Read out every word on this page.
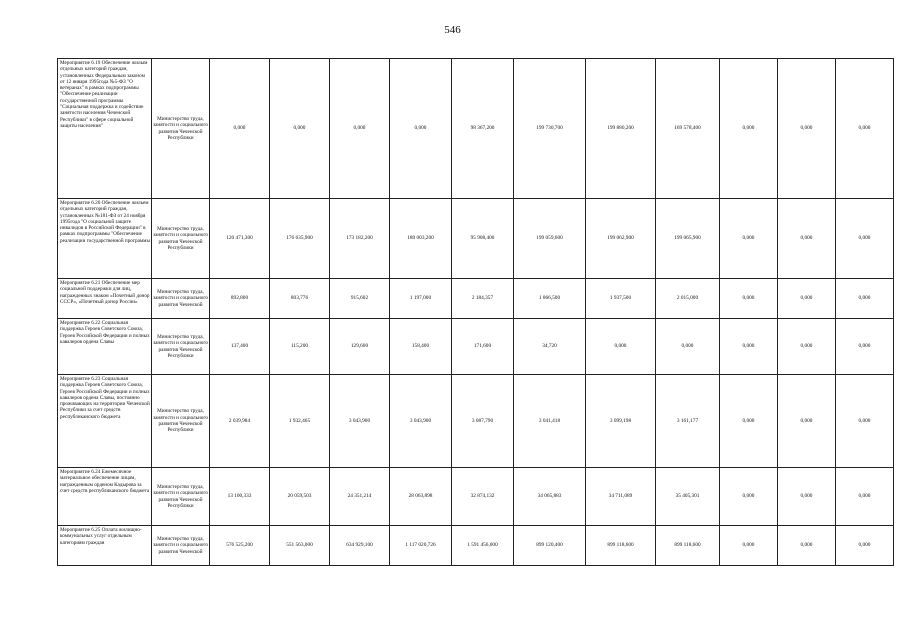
546
Мероприятие 6.19 Обеспечение жилым отдельных категорий граждан, установленных Федеральным законом от 12 января 1995года №5-ФЗ "О ветеранах" в рамках подпрограммы "Обеспечение реализации государственной программы "Социальная поддержка и содействие занятости населения Чеченской Республики" в сфере социальной защиты населения"	Министерство труда, занятости и социального развития Чеченской Республики	0,000	0,000	0,000	0,000	98 367,200	199 730,700	199 880,200	169 578,400	0,000	0,000	0,000

Мероприятие 6.20 Обеспечение жильем отдельных категорий граждан, установленных №181-ФЗ от 24 ноября 1995года "О социальной защите инвалидов в Российской Федерации" в рамках подпрограммы "Обеспечение реализации государственной программы	Министерство труда, занятости и социального развития Чеченской Республики	120 471,300	176 635,900	173 182,200	180 003,200	95 908,400	199 059,600	199 062,900	199 065,900	0,000	0,000	0,000

Мероприятие 6.21 Обеспечение мер социальной поддержки для лиц, награжденных знаком «Почетный донор СССР», «Почетный донор России»	Министерство труда, занятости и социального развития Чеченской	892,800	803,776	915,602	1 197,000	2 184,357	1 866,500	1 937,500	2 015,000	0,000	0,000	0,000

Мероприятие 6.22 Социальная поддержка Героев Советского Союза, Героев Российской Федерации и полных кавалеров ордена Славы	Министерство труда, занятости и социального развития Чеченской Республики	137,400	115,200	129,600	158,400	171,600	34,720	0,000	0,000	0,000	0,000	0,000

Мероприятие 6.23 Социальная поддержка Героев Советского Союза, Героев Российской Федерации и полных кавалеров ордена Славы, постоянно проживающих на территории Чеченской Республики за счет средств республиканского бюджета	Министерство труда, занятости и социального развития Чеченской Республики	2 039,984	1 932,465	3 043,900	3 043,900	3 087,790	3 041,418	3 099,198	3 161,177	0,000	0,000	0,000

Мероприятие 6.24 Ежемесячное материальное обеспечение лицам, награжденным орденом Кадырова за счет средств республиканского бюджета	Министерство труда, занятости и социального развития Чеченской Республики	13 100,333	20 059,503	24 351,214	28 063,898	32 874,132	34 065,883	34 711,089	35 405,301	0,000	0,000	0,000

Мероприятие 6.25 Оплата жилищно-коммунальных услуг отдельным категориям граждан	Министерство труда, занятости и социального развития Чеченской	576 525,200	551 563,000	634 929,100	1 117 020,726	1 591 456,000	899 120,400	899 118,600	899 118,600	0,000	0,000	0,000
